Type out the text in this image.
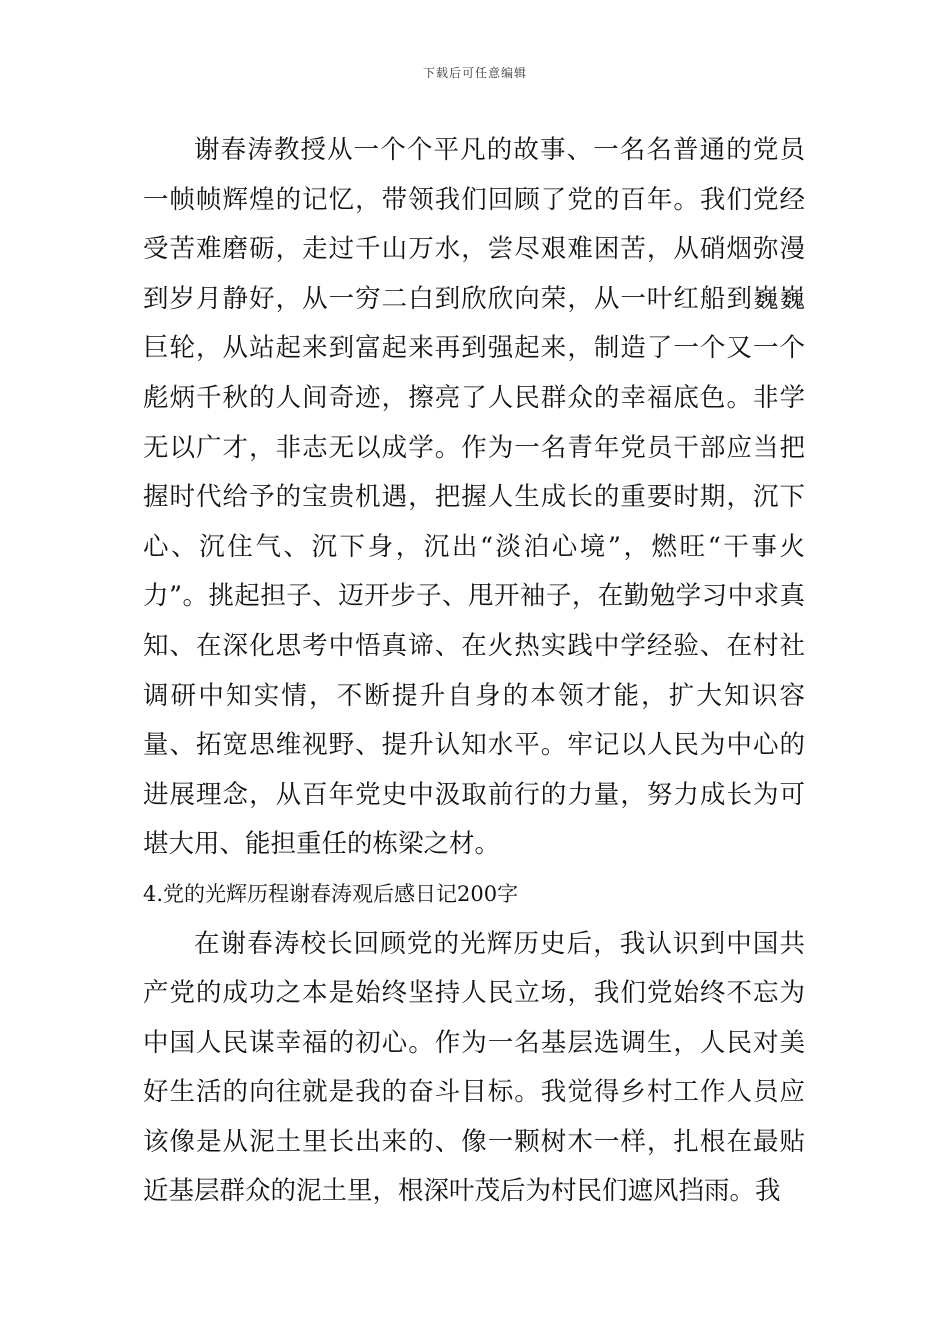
下载后可任意编辑

谢春涛教授从一个个平凡的故事、一名名普通的党员一帧帧辉煌的记忆，带领我们回顾了党的百年。我们党经受苦难磨砺，走过千山万水，尝尽艰难困苦，从硝烟弥漫到岁月静好，从一穷二白到欣欣向荣，从一叶红船到巍巍巨轮，从站起来到富起来再到强起来，制造了一个又一个彪炳千秋的人间奇迹，擦亮了人民群众的幸福底色。非学无以广才，非志无以成学。作为一名青年党员干部应当把握时代给予的宝贵机遇，把握人生成长的重要时期，沉下心、沉住气、沉下身，沉出“淡泊心境”，燃旺“干事火力”。挑起担子、迈开步子、甩开袖子，在勤勉学习中求真知、在深化思考中悟真谛、在火热实践中学经验、在村社调研中知实情，不断提升自身的本领才能，扩大知识容量、拓宽思维视野、提升认知水平。牢记以人民为中心的进展理念，从百年党史中汲取前行的力量，努力成长为可堪大用、能担重任的栋梁之材。

4.党的光辉历程谢春涛观后感日记200字

在谢春涛校长回顾党的光辉历史后，我认识到中国共产党的成功之本是始终坚持人民立场，我们党始终不忘为中国人民谋幸福的初心。作为一名基层选调生，人民对美好生活的向往就是我的奋斗目标。我觉得乡村工作人员应该像是从泥土里长出来的、像一颗树木一样，扎根在最贴近基层群众的泥土里，根深叶茂后为村民们遮风挡雨。我
